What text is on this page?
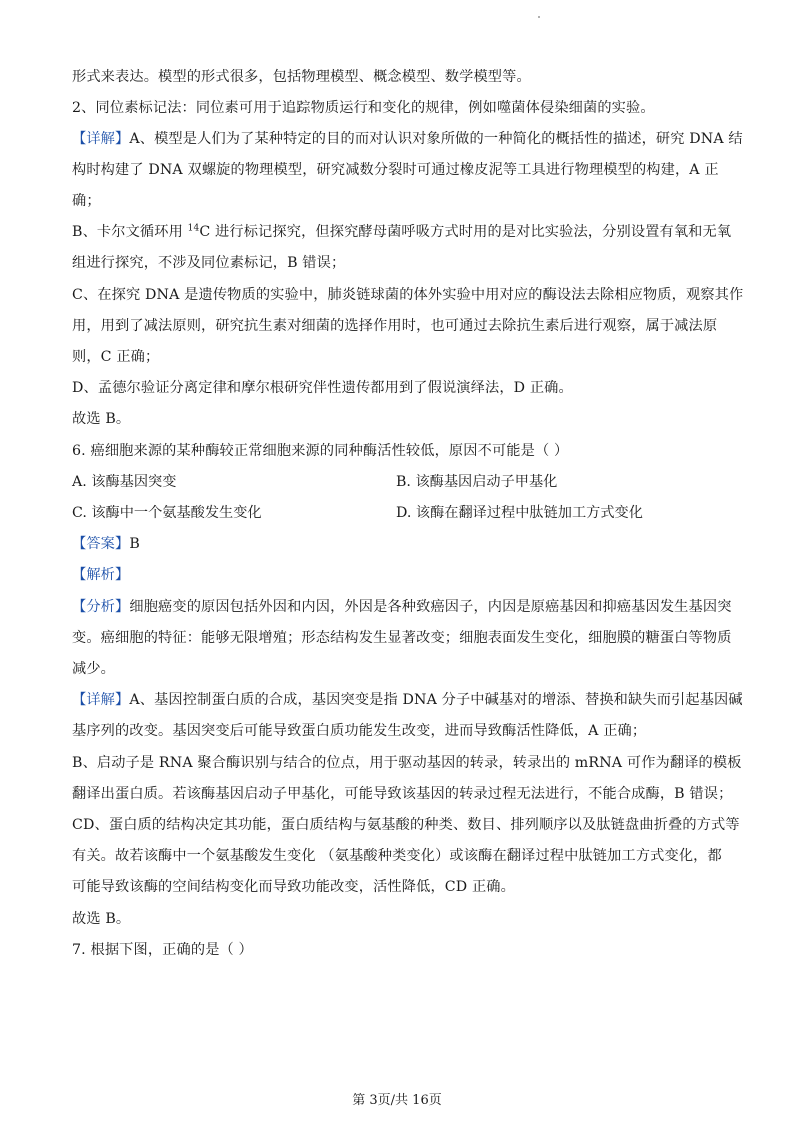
形式来表达。模型的形式很多，包括物理模型、概念模型、数学模型等。
2、同位素标记法：同位素可用于追踪物质运行和变化的规律，例如噬菌体侵染细菌的实验。
【详解】A、模型是人们为了某种特定的目的而对认识对象所做的一种简化的概括性的描述，研究 DNA 结
构时构建了 DNA 双螺旋的物理模型，研究减数分裂时可通过橡皮泥等工具进行物理模型的构建，A 正
确；
B、卡尔文循环用 $^{14}$C 进行标记探究，但探究酵母菌呼吸方式时用的是对比实验法，分别设置有氧和无氧
组进行探究，不涉及同位素标记，B 错误；
C、在探究 DNA 是遗传物质的实验中，肺炎链球菌的体外实验中用对应的酶设法去除相应物质，观察其作
用，用到了减法原则，研究抗生素对细菌的选择作用时，也可通过去除抗生素后进行观察，属于减法原
则，C 正确；
D、孟德尔验证分离定律和摩尔根研究伴性遗传都用到了假说演绎法，D 正确。
故选 B。
6. 癌细胞来源的某种酶较正常细胞来源的同种酶活性较低，原因不可能是（ ）
A. 该酶基因突变	B. 该酶基因启动子甲基化
C. 该酶中一个氨基酸发生变化	D. 该酶在翻译过程中肽链加工方式变化
【答案】B
【解析】
【分析】细胞癌变的原因包括外因和内因，外因是各种致癌因子，内因是原癌基因和抑癌基因发生基因突
变。癌细胞的特征：能够无限增殖；形态结构发生显著改变；细胞表面发生变化，细胞膜的糖蛋白等物质
减少。
【详解】A、基因控制蛋白质的合成，基因突变是指 DNA 分子中碱基对的增添、替换和缺失而引起基因碱
基序列的改变。基因突变后可能导致蛋白质功能发生改变，进而导致酶活性降低，A 正确；
B、启动子是 RNA 聚合酶识别与结合的位点，用于驱动基因的转录，转录出的 mRNA 可作为翻译的模板
翻译出蛋白质。若该酶基因启动子甲基化，可能导致该基因的转录过程无法进行，不能合成酶，B 错误；
CD、蛋白质的结构决定其功能，蛋白质结构与氨基酸的种类、数目、排列顺序以及肽链盘曲折叠的方式等
有关。故若该酶中一个氨基酸发生变化 （氨基酸种类变化）或该酶在翻译过程中肽链加工方式变化，都
可能导致该酶的空间结构变化而导致功能改变，活性降低，CD 正确。
故选 B。
7. 根据下图，正确的是（ ）
第 3页/共 16页
